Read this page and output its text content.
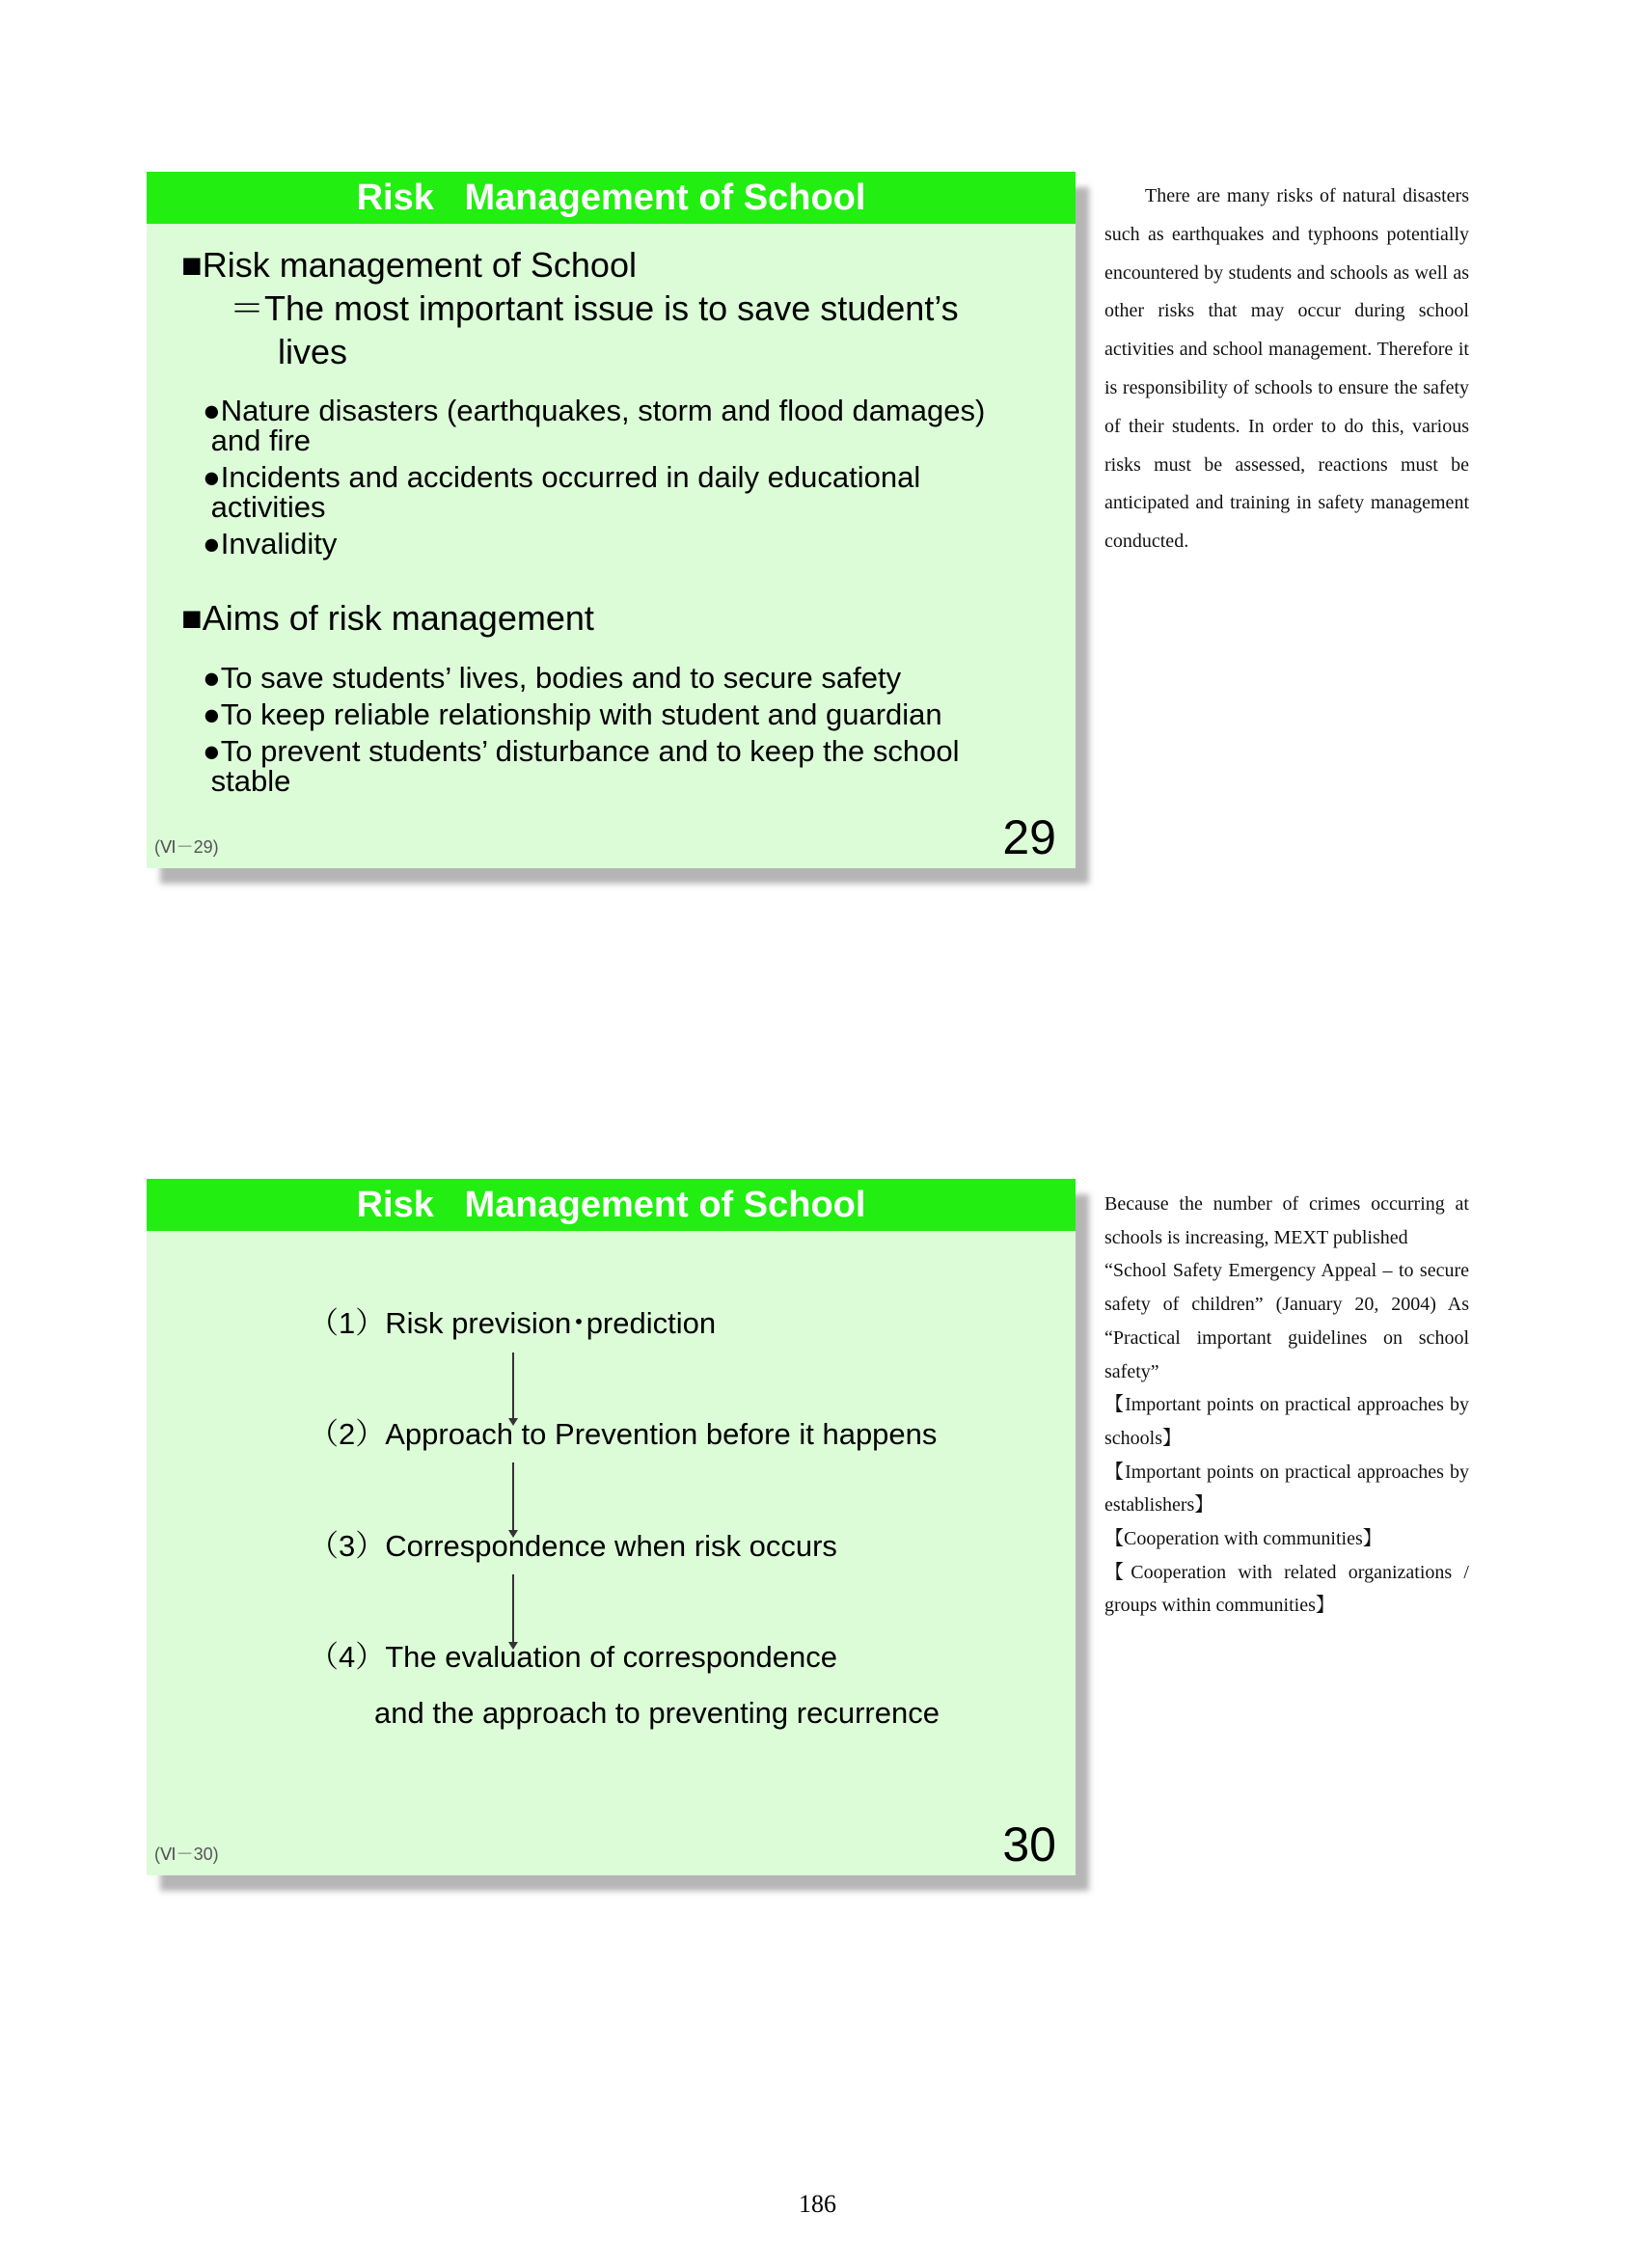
Risk   Management of School
■Risk management of School
＝The most important issue is to save student’s
lives
●Nature disasters (earthquakes, storm and flood damages)
and fire
●Incidents and accidents occurred in daily educational
activities
●Invalidity
■Aims of risk management
●To save students’ lives, bodies and to secure safety
●To keep reliable relationship with student and guardian
●To prevent students’ disturbance and to keep the school
stable
(Ⅵ－29)	29
Risk   Management of School
（1）Risk prevision･prediction
（2）Approach to Prevention before it happens
（3）Correspondence when risk occurs
（4）The evaluation of correspondence
and the approach to preventing recurrence
(Ⅵ－30)	30
There are many risks of natural disasters such as earthquakes and typhoons potentially encountered by students and schools as well as other risks that may occur during school activities and school management. Therefore it is responsibility of schools to ensure the safety of their students. In order to do this, various risks must be assessed, reactions must be anticipated and training in safety management conducted.
Because the number of crimes occurring at schools is increasing, MEXT published
“School Safety Emergency Appeal – to secure safety of children” (January 20, 2004) As “Practical important guidelines on school safety”
【Important points on practical approaches by schools】
【Important points on practical approaches by establishers】
【Cooperation with communities】
【Cooperation with related organizations / groups within communities】
186
